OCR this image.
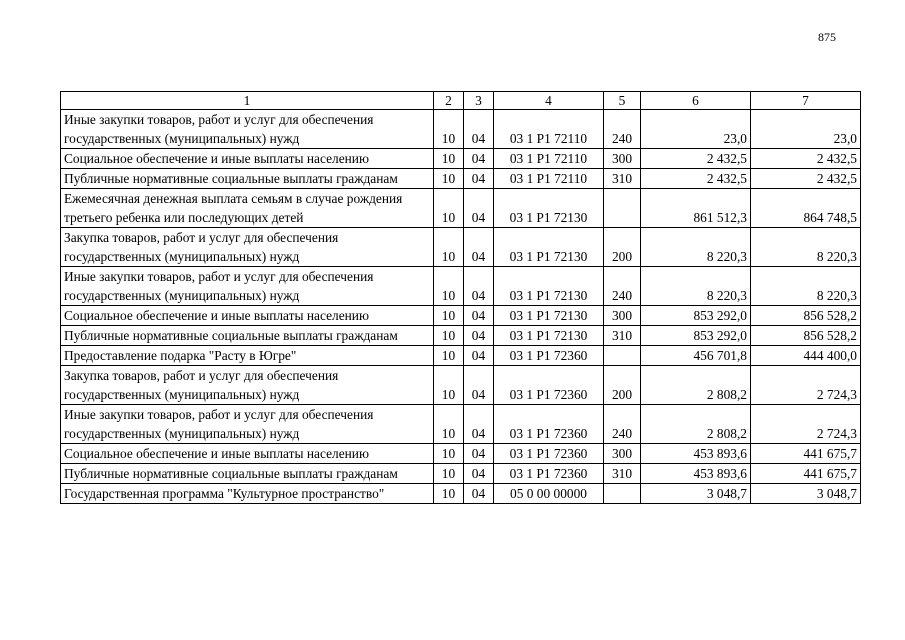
875
1	2	3	4	5	6	7
Иные закупки товаров, работ и услуг для обеспечения государственных (муниципальных) нужд	10	04	03 1 P1 72110	240	23,0	23,0
Социальное обеспечение и иные выплаты населению	10	04	03 1 P1 72110	300	2 432,5	2 432,5
Публичные нормативные социальные выплаты гражданам	10	04	03 1 P1 72110	310	2 432,5	2 432,5
Ежемесячная денежная выплата семьям в случае рождения третьего ребенка или последующих детей	10	04	03 1 P1 72130		861 512,3	864 748,5
Закупка товаров, работ и услуг для обеспечения государственных (муниципальных) нужд	10	04	03 1 P1 72130	200	8 220,3	8 220,3
Иные закупки товаров, работ и услуг для обеспечения государственных (муниципальных) нужд	10	04	03 1 P1 72130	240	8 220,3	8 220,3
Социальное обеспечение и иные выплаты населению	10	04	03 1 P1 72130	300	853 292,0	856 528,2
Публичные нормативные социальные выплаты гражданам	10	04	03 1 P1 72130	310	853 292,0	856 528,2
Предоставление подарка "Расту в Югре"	10	04	03 1 P1 72360		456 701,8	444 400,0
Закупка товаров, работ и услуг для обеспечения государственных (муниципальных) нужд	10	04	03 1 P1 72360	200	2 808,2	2 724,3
Иные закупки товаров, работ и услуг для обеспечения государственных (муниципальных) нужд	10	04	03 1 P1 72360	240	2 808,2	2 724,3
Социальное обеспечение и иные выплаты населению	10	04	03 1 P1 72360	300	453 893,6	441 675,7
Публичные нормативные социальные выплаты гражданам	10	04	03 1 P1 72360	310	453 893,6	441 675,7
Государственная программа "Культурное пространство"	10	04	05 0 00 00000		3 048,7	3 048,7
